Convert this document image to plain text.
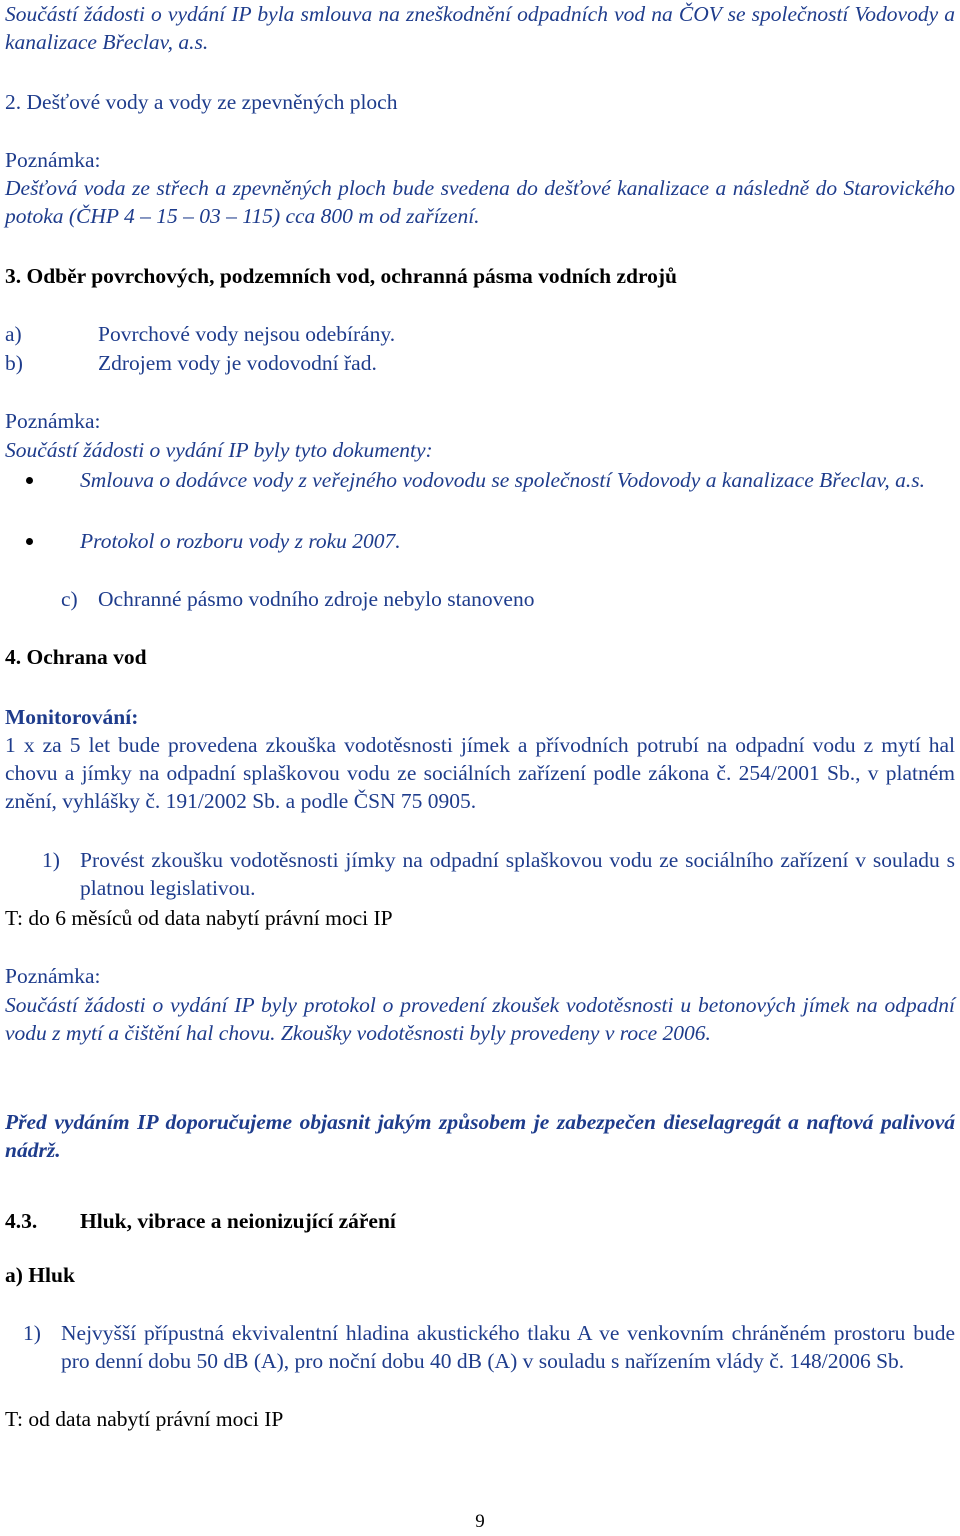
Součástí žádosti o vydání IP byla smlouva na zneškodnění odpadních vod na ČOV se společností Vodovody a kanalizace Břeclav, a.s.
2. Dešťové vody a vody ze zpevněných ploch
Poznámka:
Dešťová voda ze střech a zpevněných ploch bude svedena do dešťové kanalizace a následně do Starovického potoka (ČHP 4 – 15 – 03 – 115) cca 800 m od zařízení.
3. Odběr povrchových, podzemních vod, ochranná pásma vodních zdrojů
a)	Povrchové vody nejsou odebírány.
b)	Zdrojem vody je vodovodní řad.
Poznámka:
Součástí žádosti o vydání IP byly tyto dokumenty:
Smlouva o dodávce vody z veřejného vodovodu se společností Vodovody a kanalizace Břeclav, a.s.
Protokol o rozboru vody z roku 2007.
c) Ochranné pásmo vodního zdroje nebylo stanoveno
4. Ochrana vod
Monitorování:
1 x za 5 let bude provedena zkouška vodotěsnosti jímek a přívodních potrubí na odpadní vodu z mytí hal chovu a jímky na odpadní splaškovou vodu ze sociálních zařízení podle zákona č. 254/2001 Sb., v platném znění, vyhlášky č. 191/2002 Sb. a podle ČSN 75 0905.
1) Provést zkoušku vodotěsnosti jímky na odpadní splaškovou vodu ze sociálního zařízení v souladu s platnou legislativou.
T: do 6 měsíců od data nabytí právní moci IP
Poznámka:
Součástí žádosti o vydání IP byly protokol o provedení zkoušek vodotěsnosti u betonových jímek na odpadní vodu z mytí a čištění hal chovu. Zkoušky vodotěsnosti byly provedeny v roce 2006.
Před vydáním IP doporučujeme objasnit jakým způsobem je zabezpečen dieselagregát a naftová palivová nádrž.
4.3. Hluk, vibrace a neionizující záření
a) Hluk
1) Nejvyšší přípustná ekvivalentní hladina akustického tlaku A ve venkovním chráněném prostoru bude pro denní dobu 50 dB (A), pro noční dobu 40 dB (A) v souladu s nařízením vlády č. 148/2006 Sb.
T: od data nabytí právní moci IP
9
